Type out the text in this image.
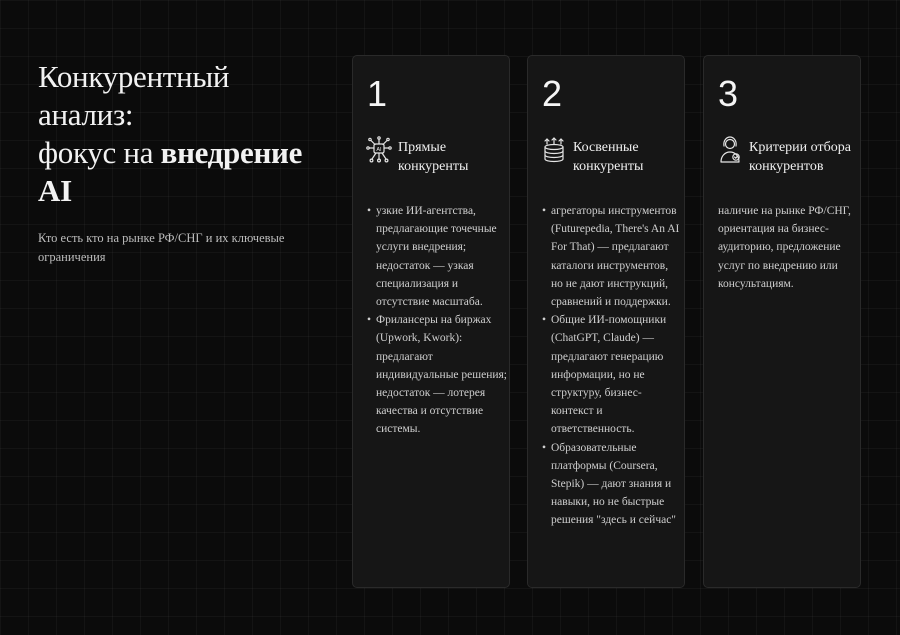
Конкурентный анализ:
фокус на внедрение AI
Кто есть кто на рынке РФ/СНГ и их ключевые ограничения
1
AI Прямые конкуренты
• узкие ИИ-агентства, предлагающие точечные услуги внедрения; недостаток — узкая специализация и отсутствие масштаба.
• Фрилансеры на биржах (Upwork, Kwork): предлагают индивидуальные решения; недостаток — лотерея качества и отсутствие системы.
2
Косвенные конкуренты
• агрегаторы инструментов (Futurepedia, There's An AI For That) — предлагают каталоги инструментов, но не дают инструкций, сравнений и поддержки.
• Общие ИИ-помощники (ChatGPT, Claude) — предлагают генерацию информации, но не структуру, бизнес-контекст и ответственность.
• Образовательные платформы (Coursera, Stepik) — дают знания и навыки, но не быстрые решения "здесь и сейчас"
3
Критерии отбора конкурентов

наличие на рынке РФ/СНГ, ориентация на бизнес-аудиторию, предложение услуг по внедрению или консультациям.
